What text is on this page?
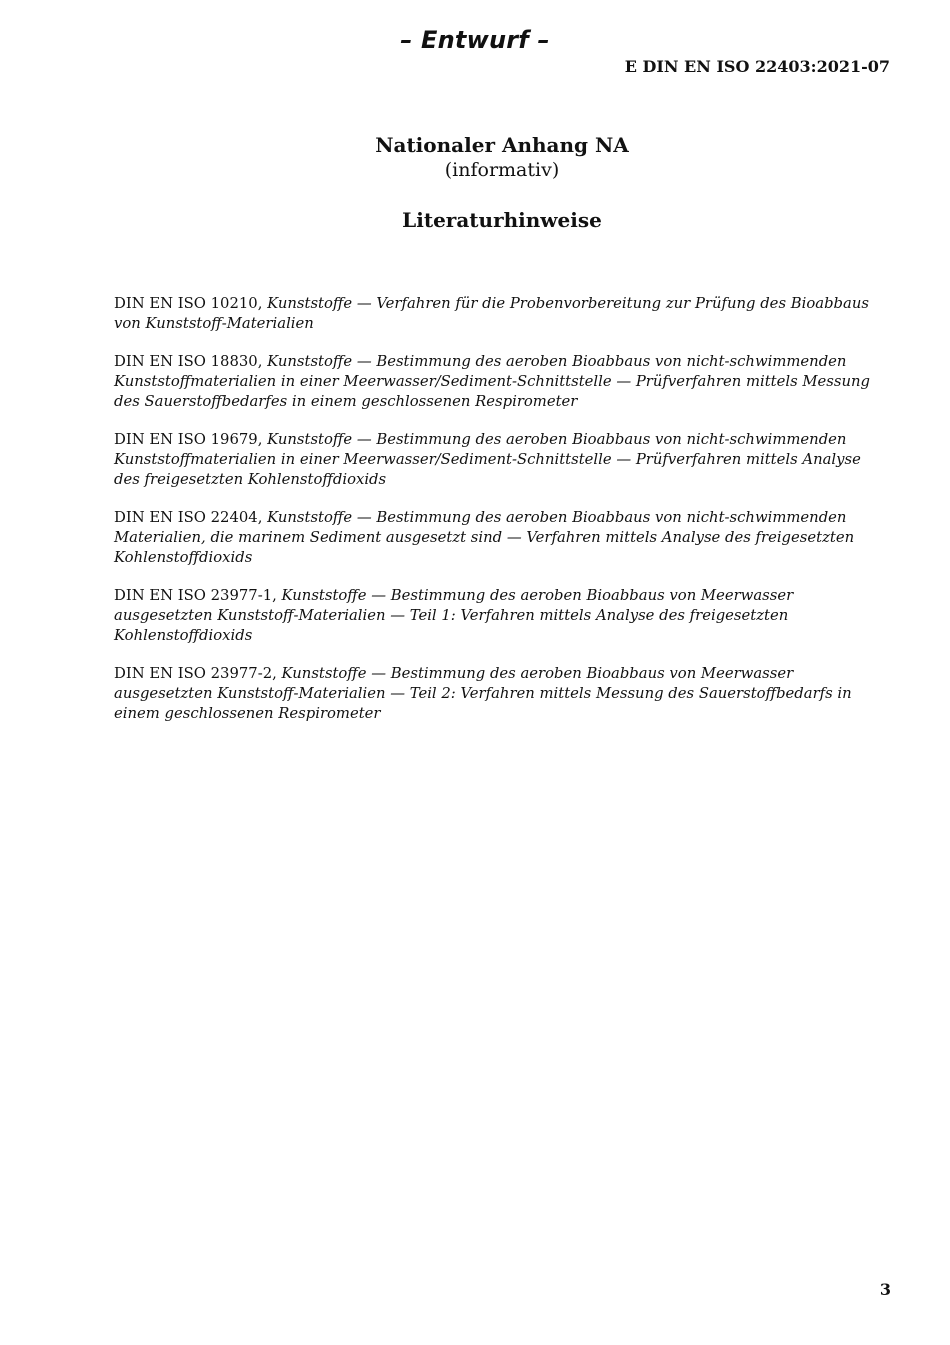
– Entwurf –
E DIN EN ISO 22403:2021-07
Nationaler Anhang NA
(informativ)
Literaturhinweise

DIN EN ISO 10210, Kunststoffe — Verfahren für die Probenvorbereitung zur Prüfung des Bioabbaus von Kunststoff-Materialien

DIN EN ISO 18830, Kunststoffe — Bestimmung des aeroben Bioabbaus von nicht-schwimmenden Kunststoffmaterialien in einer Meerwasser/Sediment-Schnittstelle — Prüfverfahren mittels Messung des Sauerstoffbedarfes in einem geschlossenen Respirometer

DIN EN ISO 19679, Kunststoffe — Bestimmung des aeroben Bioabbaus von nicht-schwimmenden Kunststoffmaterialien in einer Meerwasser/Sediment-Schnittstelle — Prüfverfahren mittels Analyse des freigesetzten Kohlenstoffdioxids

DIN EN ISO 22404, Kunststoffe — Bestimmung des aeroben Bioabbaus von nicht-schwimmenden Materialien, die marinem Sediment ausgesetzt sind — Verfahren mittels Analyse des freigesetzten Kohlenstoffdioxids

DIN EN ISO 23977-1, Kunststoffe — Bestimmung des aeroben Bioabbaus von Meerwasser ausgesetzten Kunststoff-Materialien — Teil 1: Verfahren mittels Analyse des freigesetzten Kohlenstoffdioxids

DIN EN ISO 23977-2, Kunststoffe — Bestimmung des aeroben Bioabbaus von Meerwasser ausgesetzten Kunststoff-Materialien — Teil 2: Verfahren mittels Messung des Sauerstoffbedarfs in einem geschlossenen Respirometer

3
